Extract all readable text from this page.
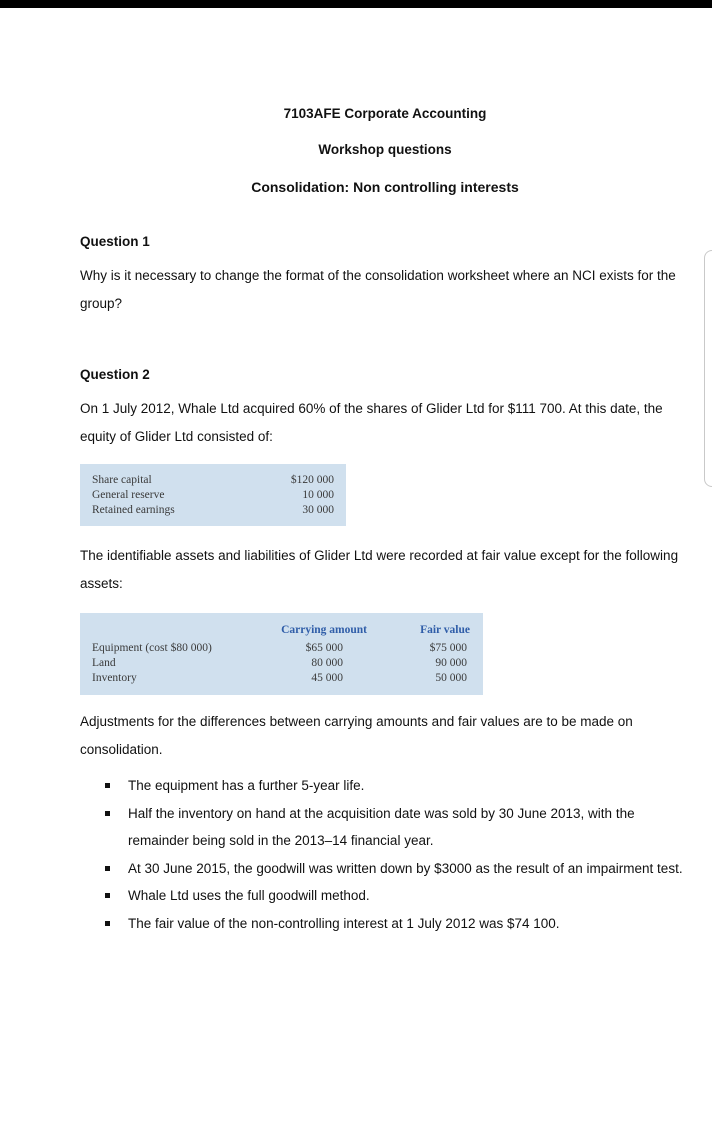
7103AFE Corporate Accounting
Workshop questions
Consolidation: Non controlling interests
Question 1
Why is it necessary to change the format of the consolidation worksheet where an NCI exists for the group?
Question 2
On 1 July 2012, Whale Ltd acquired 60% of the shares of Glider Ltd for $111 700. At this date, the equity of Glider Ltd consisted of:
Share capital
General reserve
Retained earnings
$120 000
10 000
30 000
The identifiable assets and liabilities of Glider Ltd were recorded at fair value except for the following assets:
Carrying amount	Fair value
Equipment (cost $80 000)
Land
Inventory
$65 000
80 000
45 000
$75 000
90 000
50 000
Adjustments for the differences between carrying amounts and fair values are to be made on consolidation.
The equipment has a further 5-year life.
Half the inventory on hand at the acquisition date was sold by 30 June 2013, with the remainder being sold in the 2013–14 financial year.
At 30 June 2015, the goodwill was written down by $3000 as the result of an impairment test.
Whale Ltd uses the full goodwill method.
The fair value of the non-controlling interest at 1 July 2012 was $74 100.
